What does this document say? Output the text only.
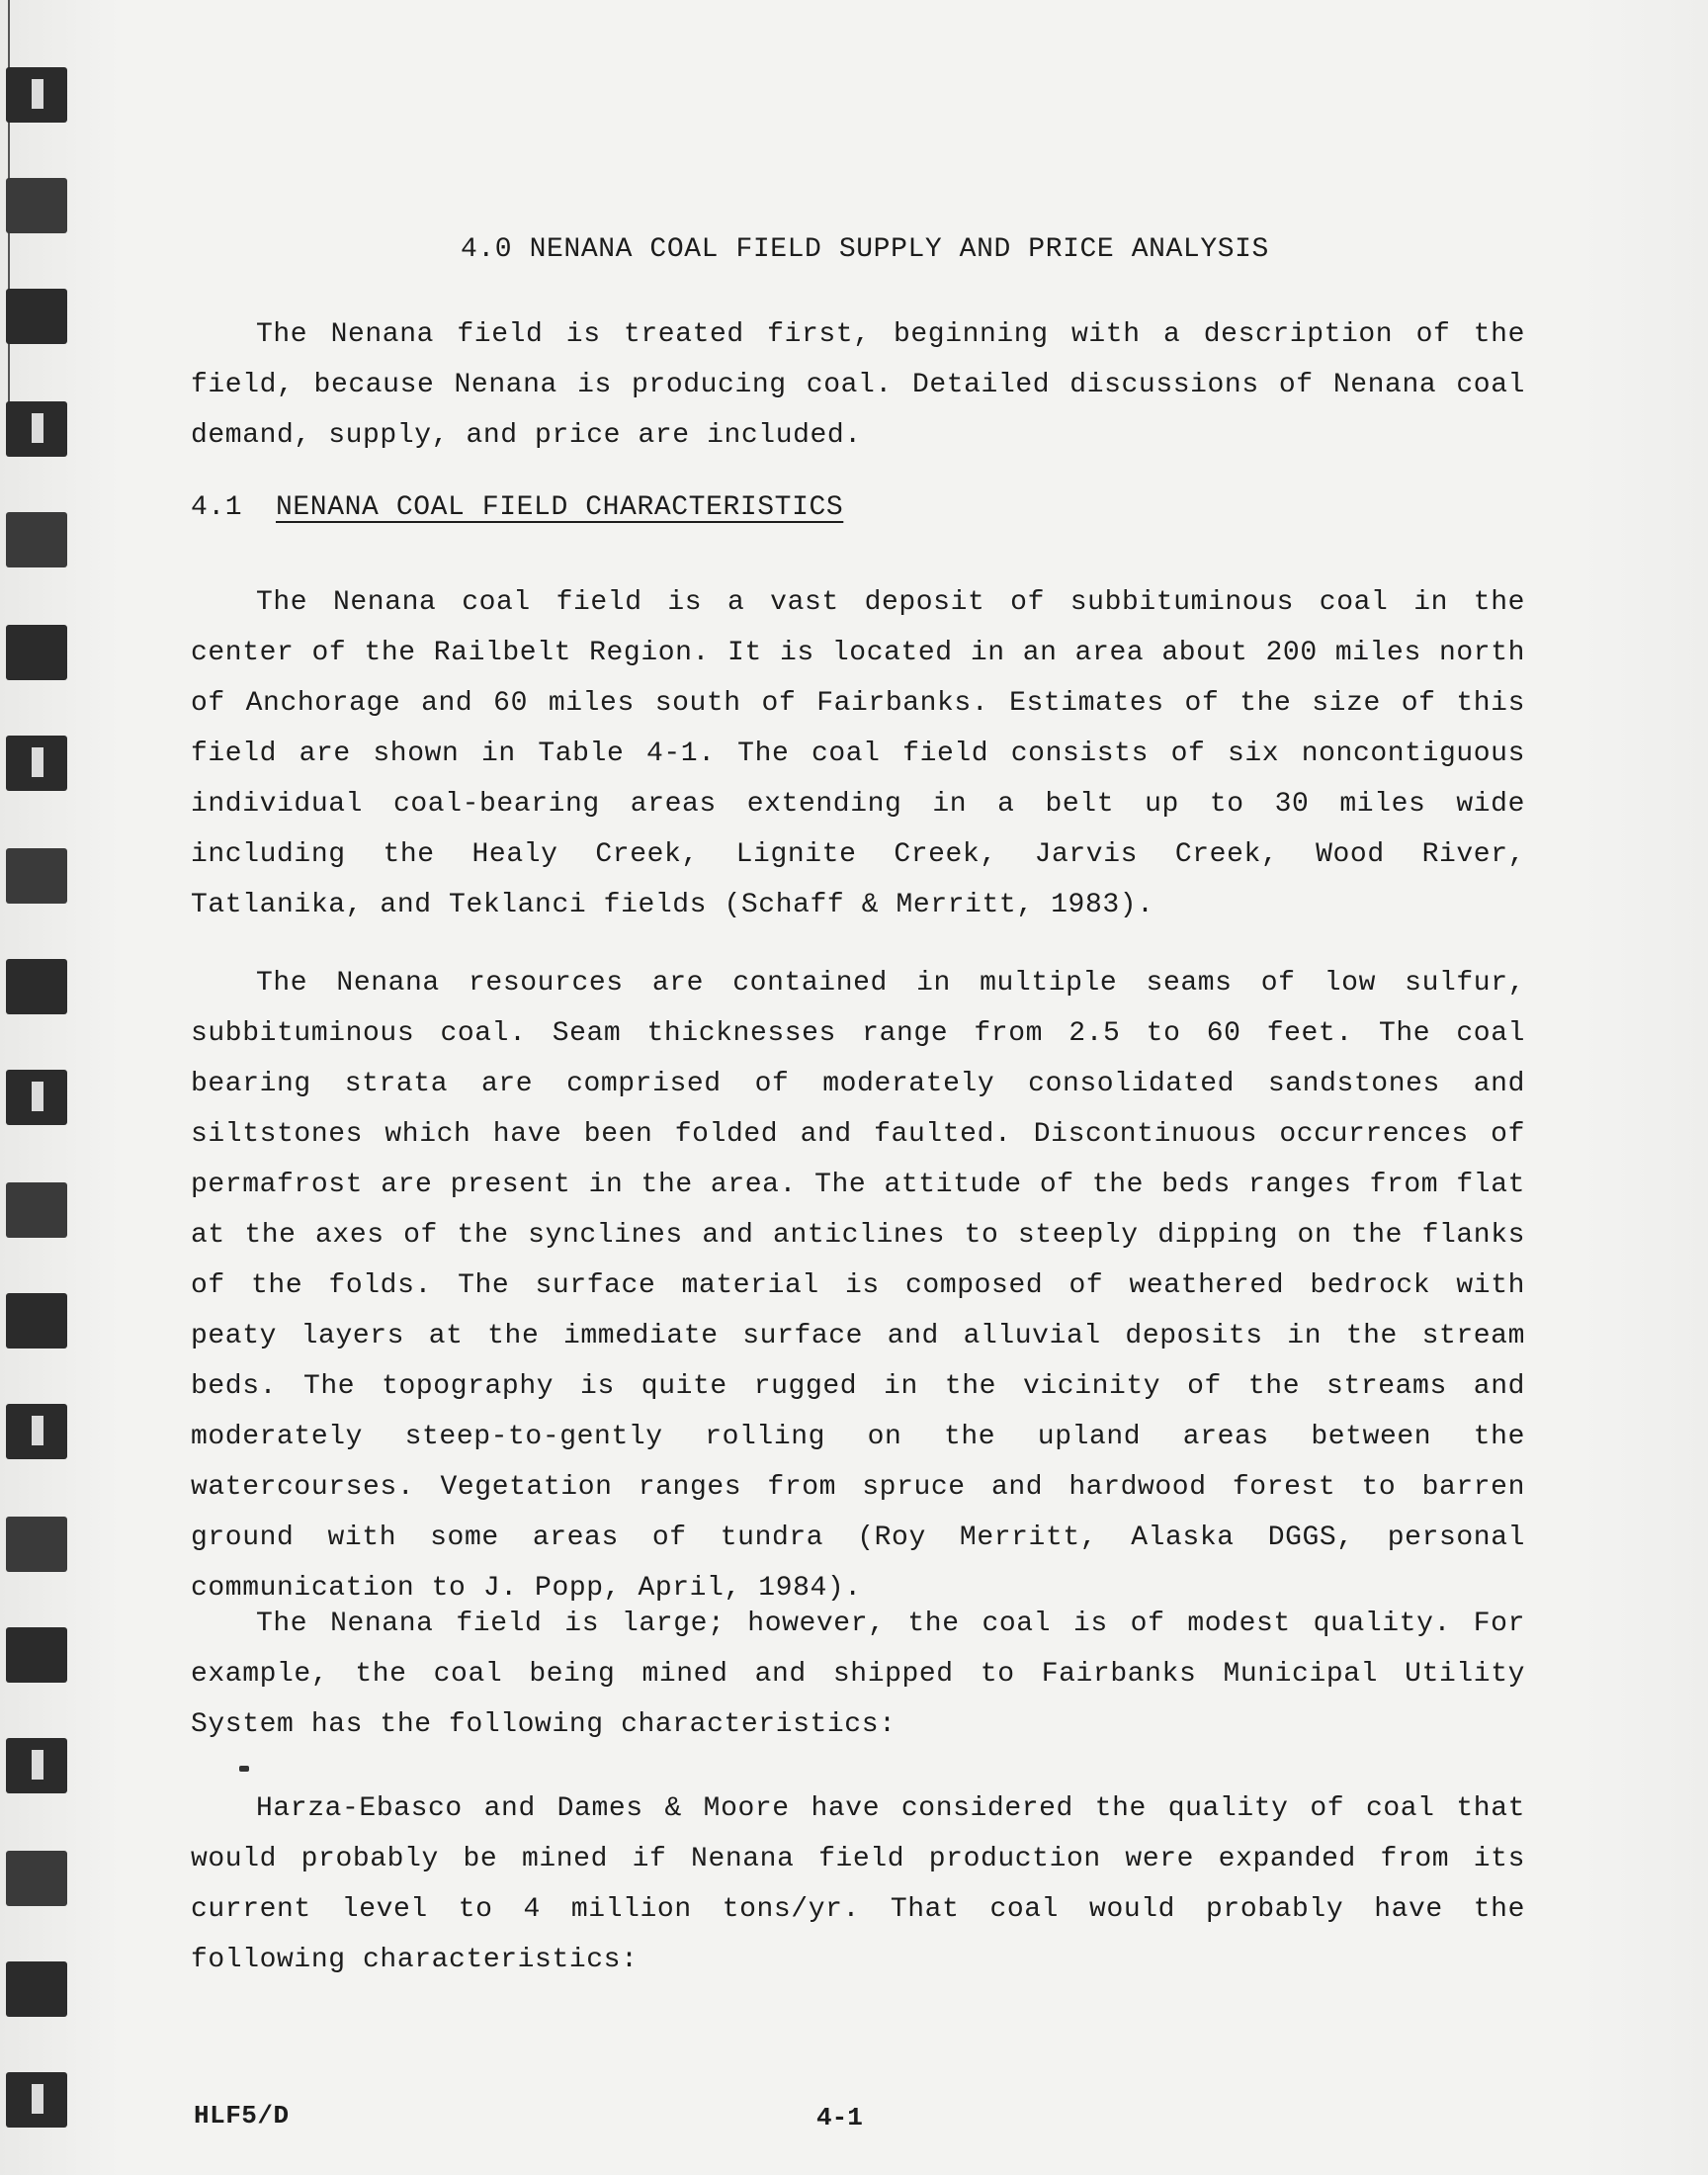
4.0 NENANA COAL FIELD SUPPLY AND PRICE ANALYSIS
The Nenana field is treated first, beginning with a description of the field, because Nenana is producing coal. Detailed discussions of Nenana coal demand, supply, and price are included.
4.1 NENANA COAL FIELD CHARACTERISTICS
The Nenana coal field is a vast deposit of subbituminous coal in the center of the Railbelt Region. It is located in an area about 200 miles north of Anchorage and 60 miles south of Fairbanks. Estimates of the size of this field are shown in Table 4-1. The coal field consists of six noncontiguous individual coal-bearing areas extending in a belt up to 30 miles wide including the Healy Creek, Lignite Creek, Jarvis Creek, Wood River, Tatlanika, and Teklanci fields (Schaff & Merritt, 1983).
The Nenana resources are contained in multiple seams of low sulfur, subbituminous coal. Seam thicknesses range from 2.5 to 60 feet. The coal bearing strata are comprised of moderately consolidated sandstones and siltstones which have been folded and faulted. Discontinuous occurrences of permafrost are present in the area. The attitude of the beds ranges from flat at the axes of the synclines and anticlines to steeply dipping on the flanks of the folds. The surface material is composed of weathered bedrock with peaty layers at the immediate surface and alluvial deposits in the stream beds. The topography is quite rugged in the vicinity of the streams and moderately steep-to-gently rolling on the upland areas between the watercourses. Vegetation ranges from spruce and hardwood forest to barren ground with some areas of tundra (Roy Merritt, Alaska DGGS, personal communication to J. Popp, April, 1984).
The Nenana field is large; however, the coal is of modest quality. For example, the coal being mined and shipped to Fairbanks Municipal Utility System has the following characteristics:
Harza-Ebasco and Dames & Moore have considered the quality of coal that would probably be mined if Nenana field production were expanded from its current level to 4 million tons/yr. That coal would probably have the following characteristics:
HLF5/D	4-1
